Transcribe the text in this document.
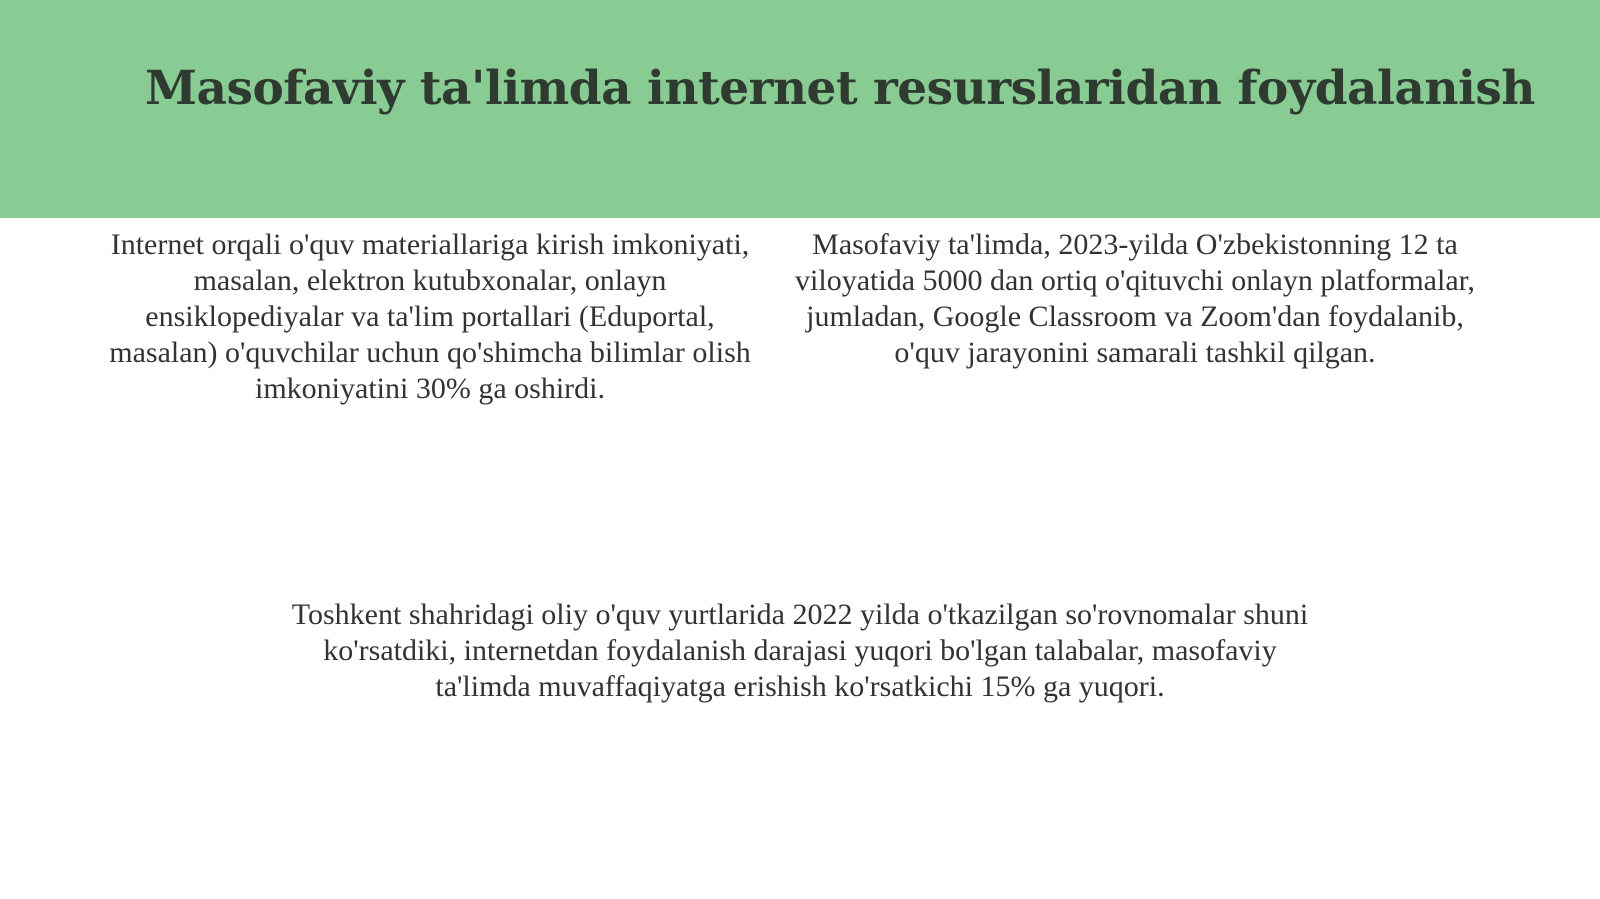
Masofaviy ta'limda internet resurslaridan foydalanish

Internet orqali o'quv materiallariga kirish imkoniyati, masalan, elektron kutubxonalar, onlayn ensiklopediyalar va ta'lim portallari (Eduportal, masalan) o'quvchilar uchun qo'shimcha bilimlar olish imkoniyatini 30% ga oshirdi.

Masofaviy ta'limda, 2023-yilda O'zbekistonning 12 ta viloyatida 5000 dan ortiq o'qituvchi onlayn platformalar, jumladan, Google Classroom va Zoom'dan foydalanib, o'quv jarayonini samarali tashkil qilgan.

Toshkent shahridagi oliy o'quv yurtlarida 2022 yilda o'tkazilgan so'rovnomalar shuni ko'rsatdiki, internetdan foydalanish darajasi yuqori bo'lgan talabalar, masofaviy ta'limda muvaffaqiyatga erishish ko'rsatkichi 15% ga yuqori.
